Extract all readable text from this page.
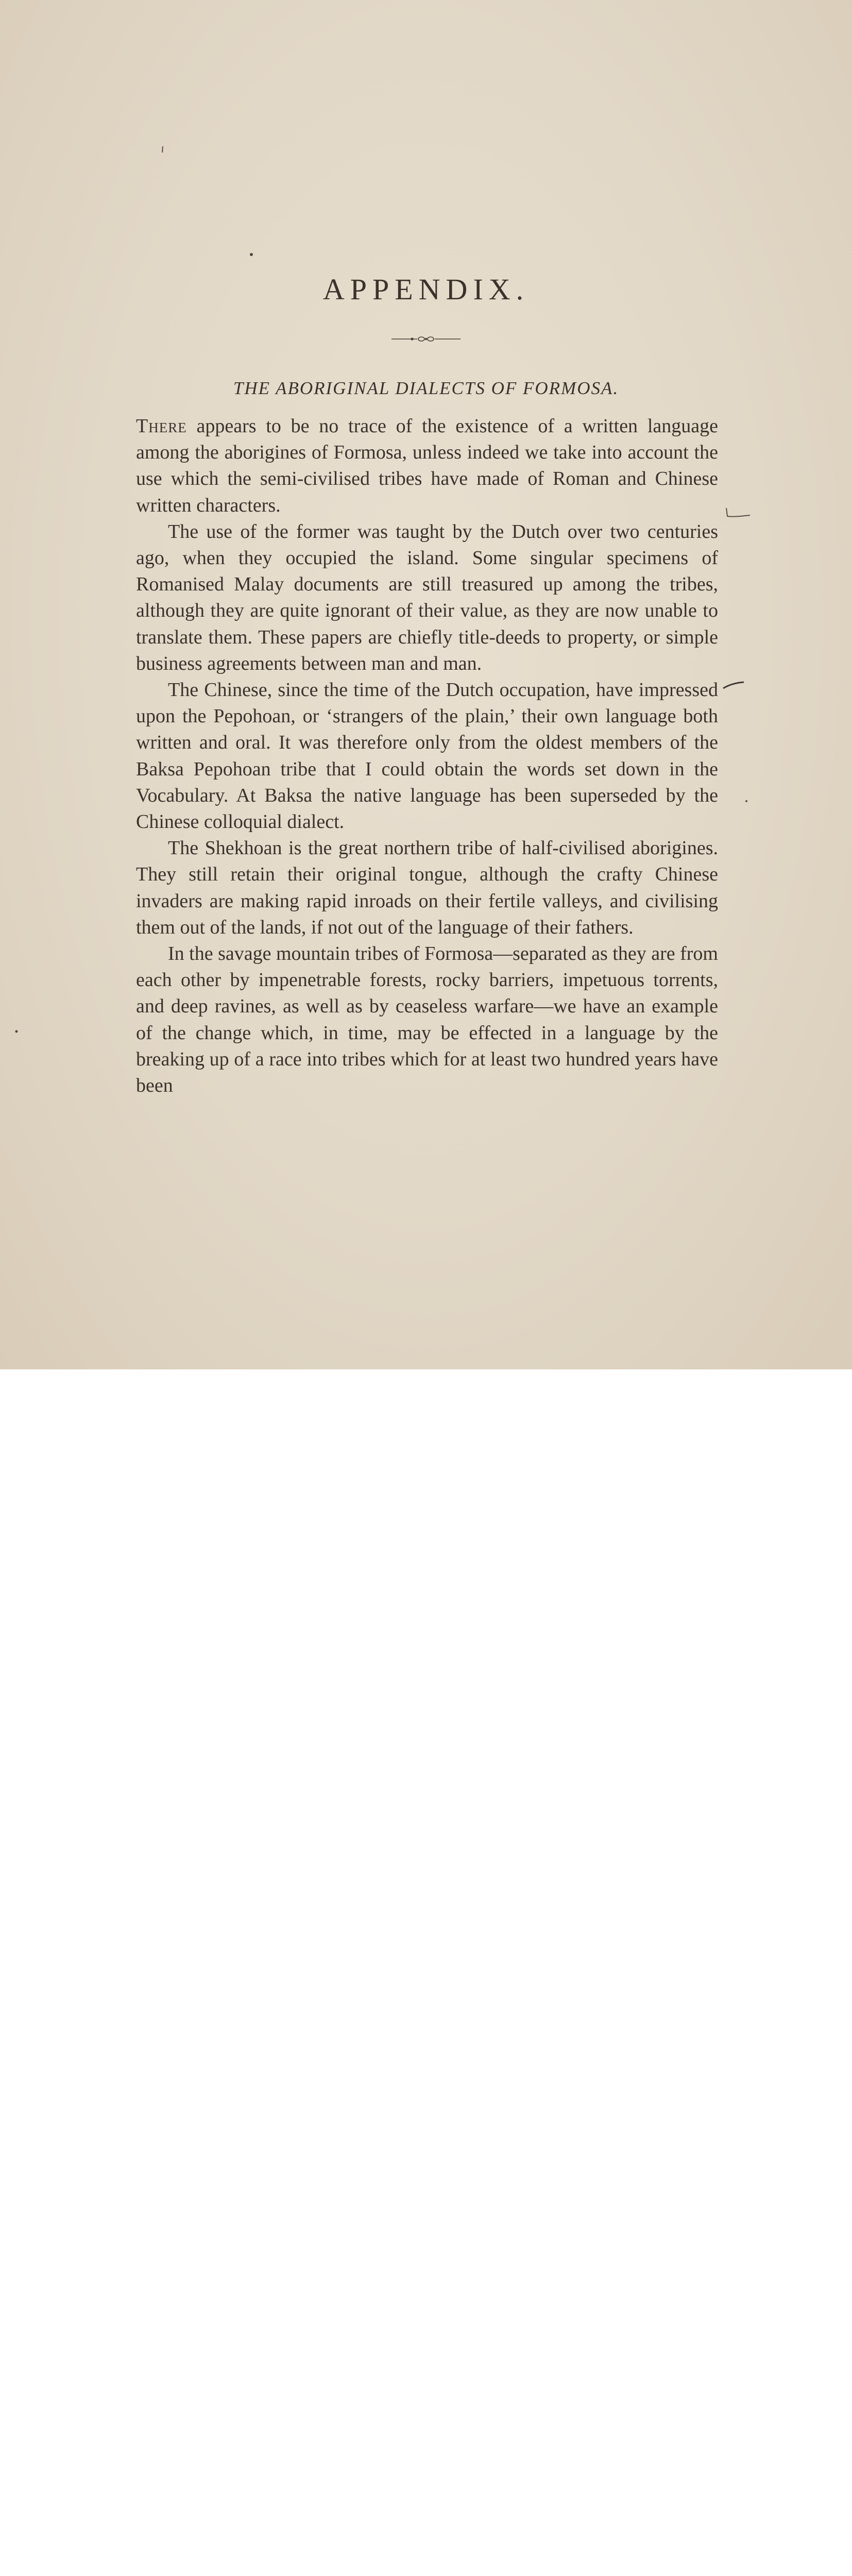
APPENDIX.
THE ABORIGINAL DIALECTS OF FORMOSA.

There appears to be no trace of the existence of a written language among the aborigines of Formosa, unless indeed we take into account the use which the semi-civilised tribes have made of Roman and Chinese written characters.

The use of the former was taught by the Dutch over two centuries ago, when they occupied the island. Some singular specimens of Romanised Malay documents are still treasured up among the tribes, although they are quite ignorant of their value, as they are now unable to translate them. These papers are chiefly title-deeds to property, or simple business agreements between man and man.

The Chinese, since the time of the Dutch occupation, have impressed upon the Pepohoan, or ‘strangers of the plain,’ their own language both written and oral. It was therefore only from the oldest members of the Baksa Pepohoan tribe that I could obtain the words set down in the Vocabulary. At Baksa the native language has been superseded by the Chinese colloquial dialect.

The Shekhoan is the great northern tribe of half-civilised aborigines. They still retain their original tongue, although the crafty Chinese invaders are making rapid inroads on their fertile valleys, and civilising them out of the lands, if not out of the language of their fathers.

In the savage mountain tribes of Formosa—separated as they are from each other by impenetrable forests, rocky barriers, impetuous torrents, and deep ravines, as well as by ceaseless warfare—we have an example of the change which, in time, may be effected in a language by the breaking up of a race into tribes which for at least two hundred years have been
